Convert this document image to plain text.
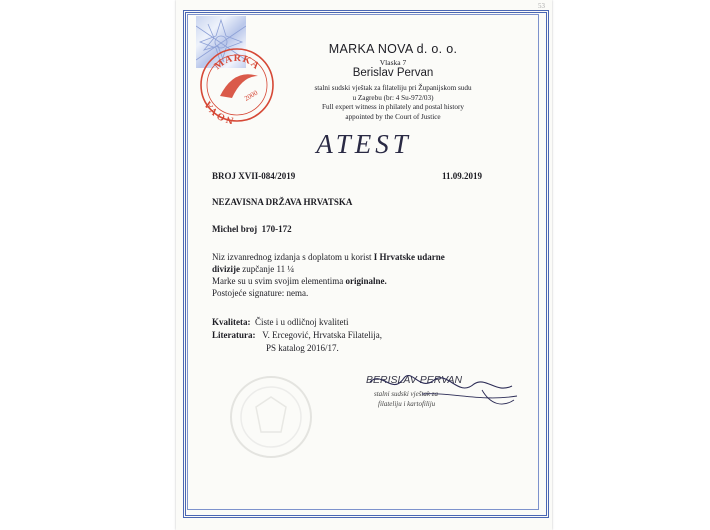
MARKA
NOVA
2000
MARKA NOVA d. o. o.
Vlaska 7
Berislav Pervan
stalni sudski vještak za filateliju pri Županijskom sudu
u Zagrebu (br: 4 Su-972/03)
Full expert witness in philately and postal history
appointed by the Court of Justice
ATEST
BROJ XVII-084/2019	11.09.2019
NEZAVISNA DRŽAVA HRVATSKA
Michel broj 170-172
Niz izvanrednog izdanja s doplatom u korist I Hrvatske udarne
divizije zupčanje 11 ¼
Marke su u svim svojim elementima originalne.
Postojeće signature: nema.
Kvaliteta: Čiste i u odličnoj kvaliteti
Literatura: V. Ercegović, Hrvatska Filatelija,
PS katalog 2016/17.
BERISLAV PERVAN
stalni sudski vještak za
filateliju i kartofiliju
53
